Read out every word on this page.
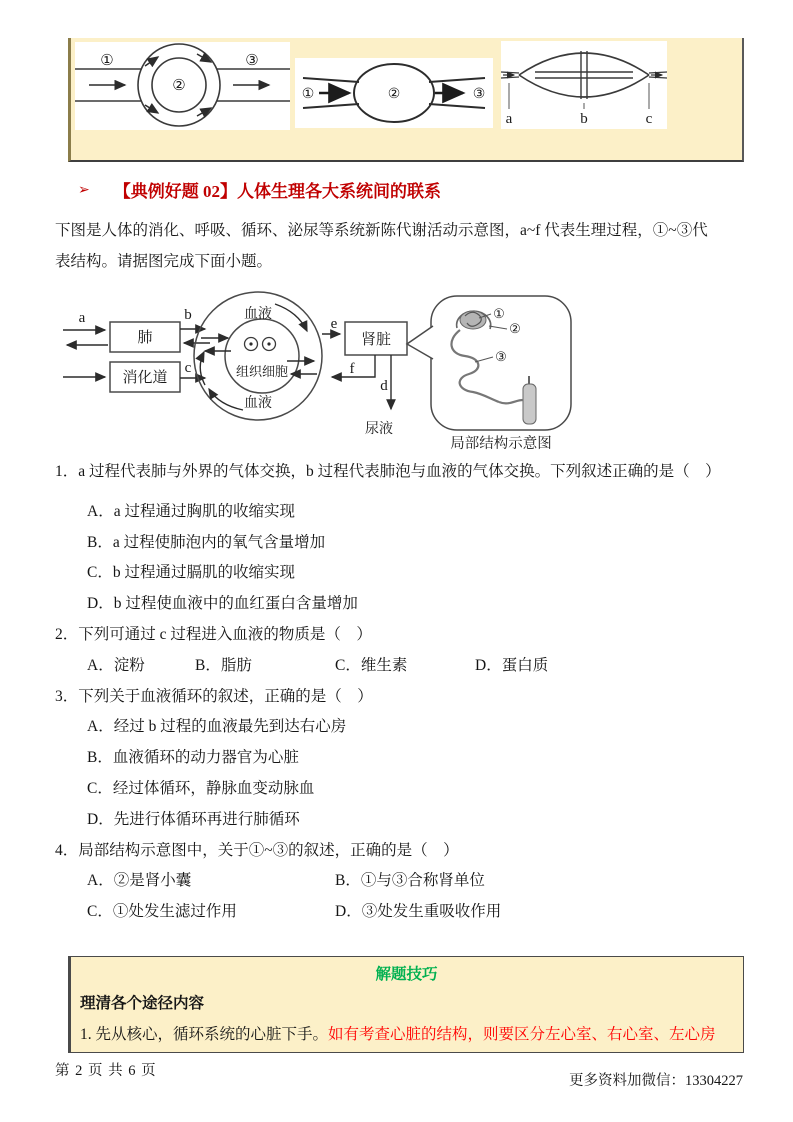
①
②
③
①	②	③
a	b	c
➢ 【典例好题 02】人体生理各大系统间的联系
下图是人体的消化、呼吸、循环、泌尿等系统新陈代谢活动示意图，a~f 代表生理过程，①~③代
表结构。请据图完成下面小题。
肺
消化道
a	b
c
血液
血液
组织细胞
e
肾脏
f
d
尿液
①
②
③
局部结构示意图
1．a 过程代表肺与外界的气体交换，b 过程代表肺泡与血液的气体交换。下列叙述正确的是（　）
A．a 过程通过胸肌的收缩实现
B．a 过程使肺泡内的氧气含量增加
C．b 过程通过膈肌的收缩实现
D．b 过程使血液中的血红蛋白含量增加
2．下列可通过 c 过程进入血液的物质是（　）
A．淀粉	B．脂肪	C．维生素	D．蛋白质
3．下列关于血液循环的叙述，正确的是（　）
A．经过 b 过程的血液最先到达右心房
B．血液循环的动力器官为心脏
C．经过体循环，静脉血变动脉血
D．先进行体循环再进行肺循环
4．局部结构示意图中，关于①~③的叙述，正确的是（　）
A．②是肾小囊	B．①与③合称肾单位
C．①处发生滤过作用	D．③处发生重吸收作用
解题技巧
理清各个途径内容
1. 先从核心，循环系统的心脏下手。如有考查心脏的结构，则要区分左心室、右心室、左心房
第 2 页 共 6 页
更多资料加微信：13304227
